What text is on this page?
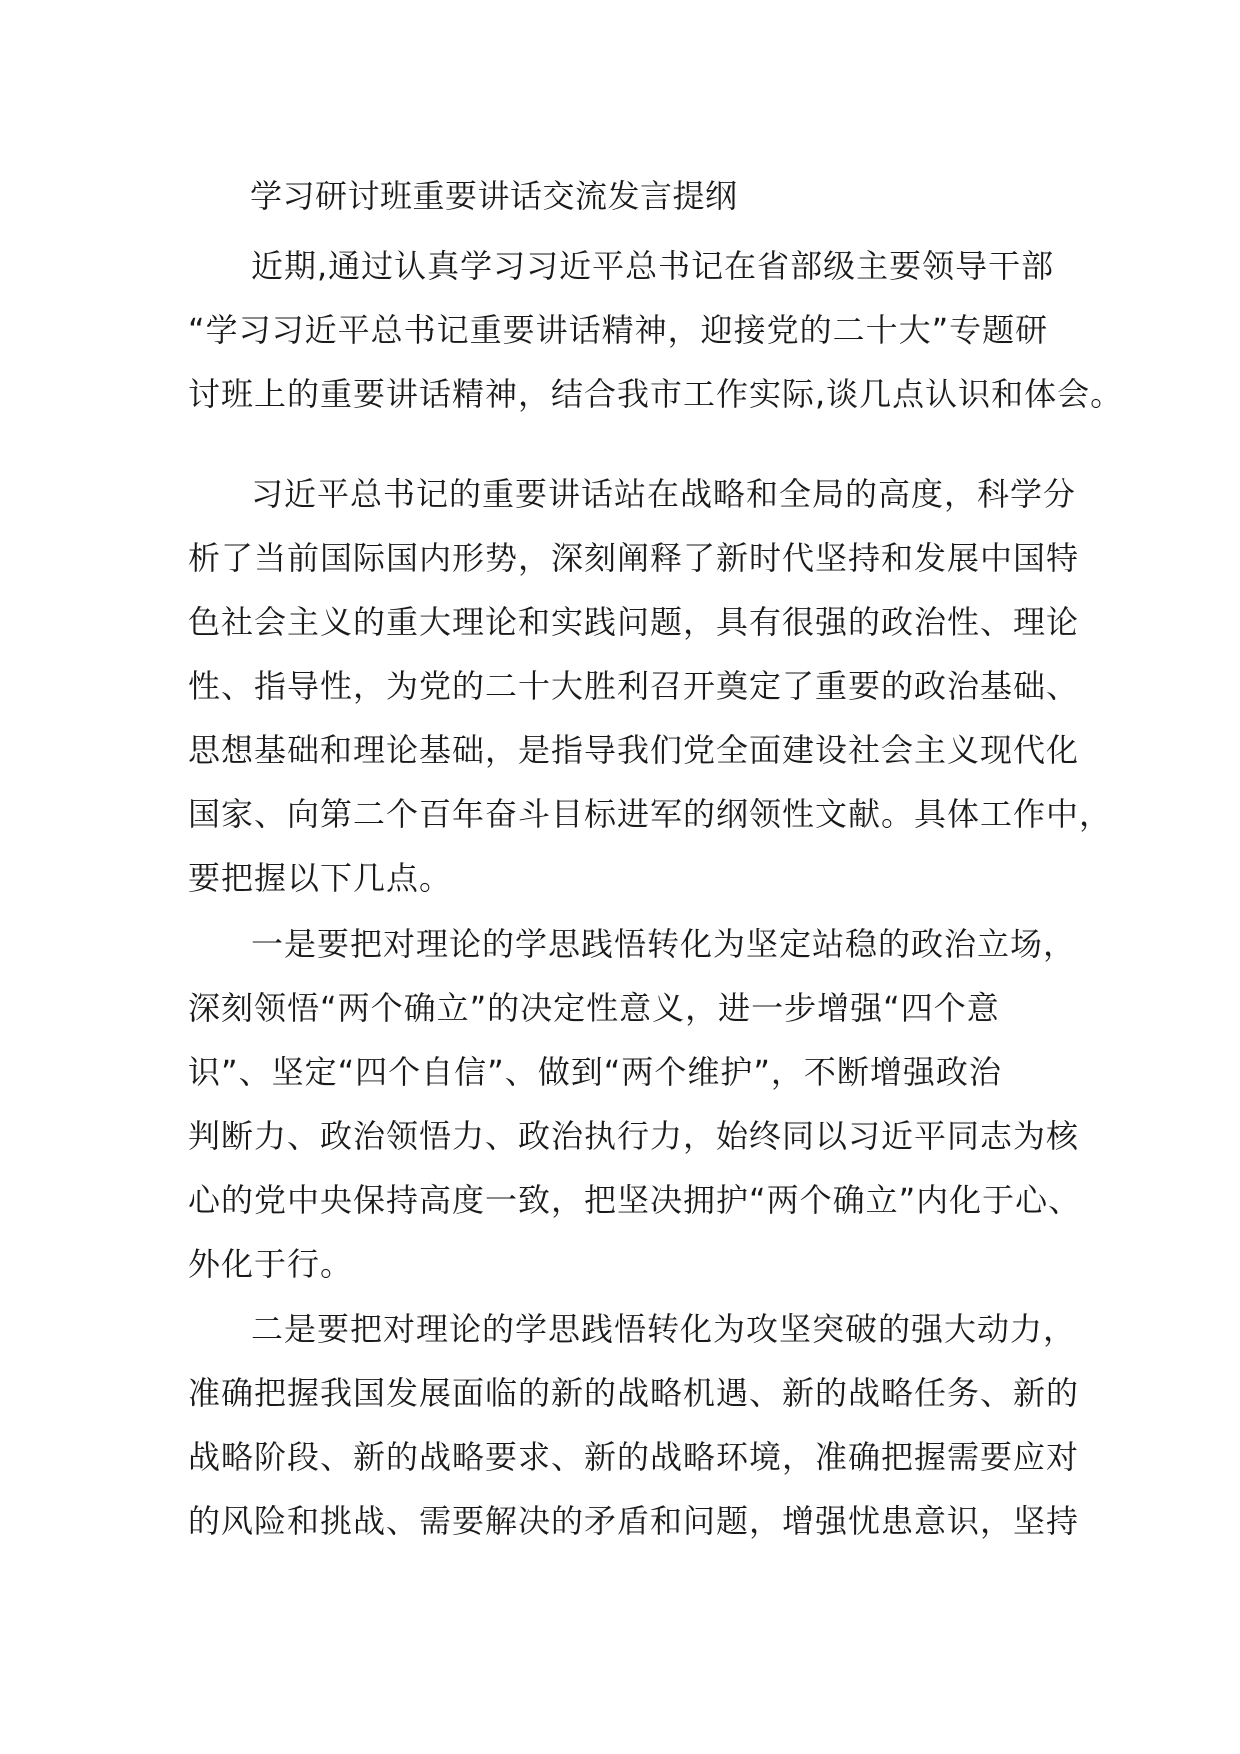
学习研讨班重要讲话交流发言提纲
近期,通过认真学习习近平总书记在省部级主要领导干部
“学习习近平总书记重要讲话精神，迎接党的二十大”专题研
讨班上的重要讲话精神，结合我市工作实际,谈几点认识和体会。
习近平总书记的重要讲话站在战略和全局的高度，科学分
析了当前国际国内形势，深刻阐释了新时代坚持和发展中国特
色社会主义的重大理论和实践问题，具有很强的政治性、理论
性、指导性，为党的二十大胜利召开奠定了重要的政治基础、
思想基础和理论基础，是指导我们党全面建设社会主义现代化
国家、向第二个百年奋斗目标进军的纲领性文献。具体工作中，
要把握以下几点。
一是要把对理论的学思践悟转化为坚定站稳的政治立场，
深刻领悟“两个确立”的决定性意义，进一步增强“四个意
识”、坚定“四个自信”、做到“两个维护”，不断增强政治
判断力、政治领悟力、政治执行力，始终同以习近平同志为核
心的党中央保持高度一致，把坚决拥护“两个确立”内化于心、
外化于行。
二是要把对理论的学思践悟转化为攻坚突破的强大动力，
准确把握我国发展面临的新的战略机遇、新的战略任务、新的
战略阶段、新的战略要求、新的战略环境，准确把握需要应对
的风险和挑战、需要解决的矛盾和问题，增强忧患意识，坚持
